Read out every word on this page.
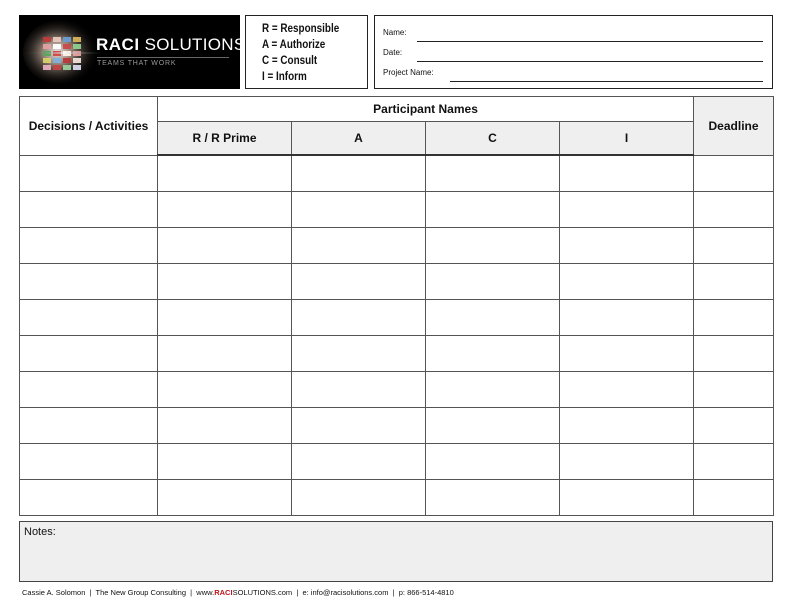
RACI SOLUTIONS™
TEAMS THAT WORK
R = Responsible
A = Authorize
C = Consult
I = Inform
Name:
Date:
Project Name:
Decisions / Activities	Participant Names				Deadline
	R / R Prime	A	C	I	

Notes:
Cassie A. Solomon  |  The New Group Consulting  |  www.RACISOLUTIONS.com  |  e: info@racisolutions.com  |  p: 866-514-4810
